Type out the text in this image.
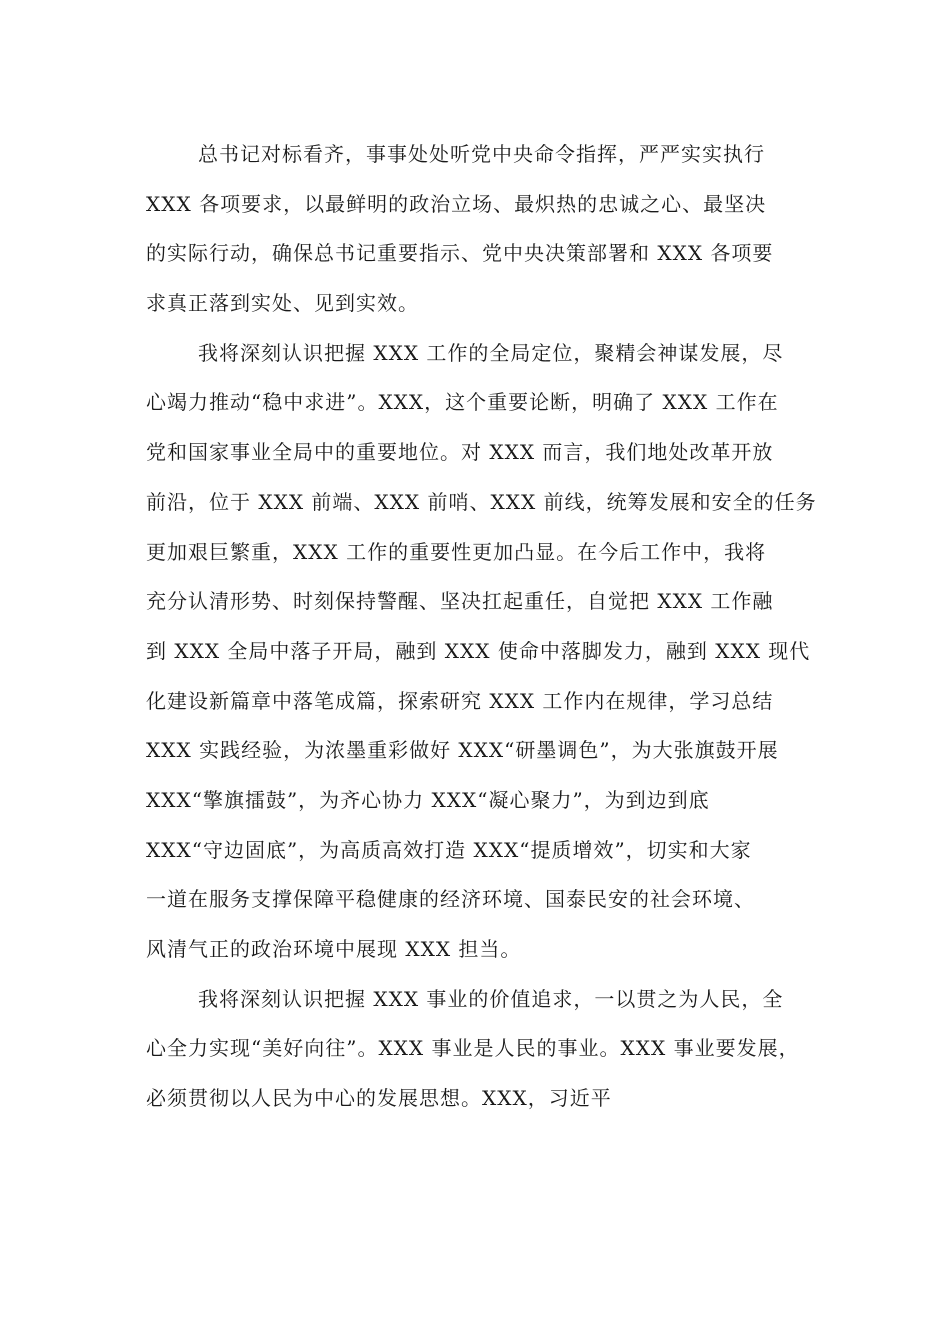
总书记对标看齐，事事处处听党中央命令指挥，严严实实执行
XXX 各项要求，以最鲜明的政治立场、最炽热的忠诚之心、最坚决
的实际行动，确保总书记重要指示、党中央决策部署和 XXX 各项要
求真正落到实处、见到实效。
我将深刻认识把握 XXX 工作的全局定位，聚精会神谋发展，尽
心竭力推动“稳中求进”。XXX，这个重要论断，明确了 XXX 工作在
党和国家事业全局中的重要地位。对 XXX 而言，我们地处改革开放
前沿，位于 XXX 前端、XXX 前哨、XXX 前线，统筹发展和安全的任务
更加艰巨繁重，XXX 工作的重要性更加凸显。在今后工作中，我将
充分认清形势、时刻保持警醒、坚决扛起重任，自觉把 XXX 工作融
到 XXX 全局中落子开局，融到 XXX 使命中落脚发力，融到 XXX 现代
化建设新篇章中落笔成篇，探索研究 XXX 工作内在规律，学习总结
XXX 实践经验，为浓墨重彩做好 XXX“研墨调色”，为大张旗鼓开展
XXX“擎旗擂鼓”，为齐心协力 XXX“凝心聚力”，为到边到底
XXX“守边固底”，为高质高效打造 XXX“提质增效”，切实和大家
一道在服务支撑保障平稳健康的经济环境、国泰民安的社会环境、
风清气正的政治环境中展现 XXX 担当。
我将深刻认识把握 XXX 事业的价值追求，一以贯之为人民，全
心全力实现“美好向往”。XXX 事业是人民的事业。XXX 事业要发展，
必须贯彻以人民为中心的发展思想。XXX，习近平
